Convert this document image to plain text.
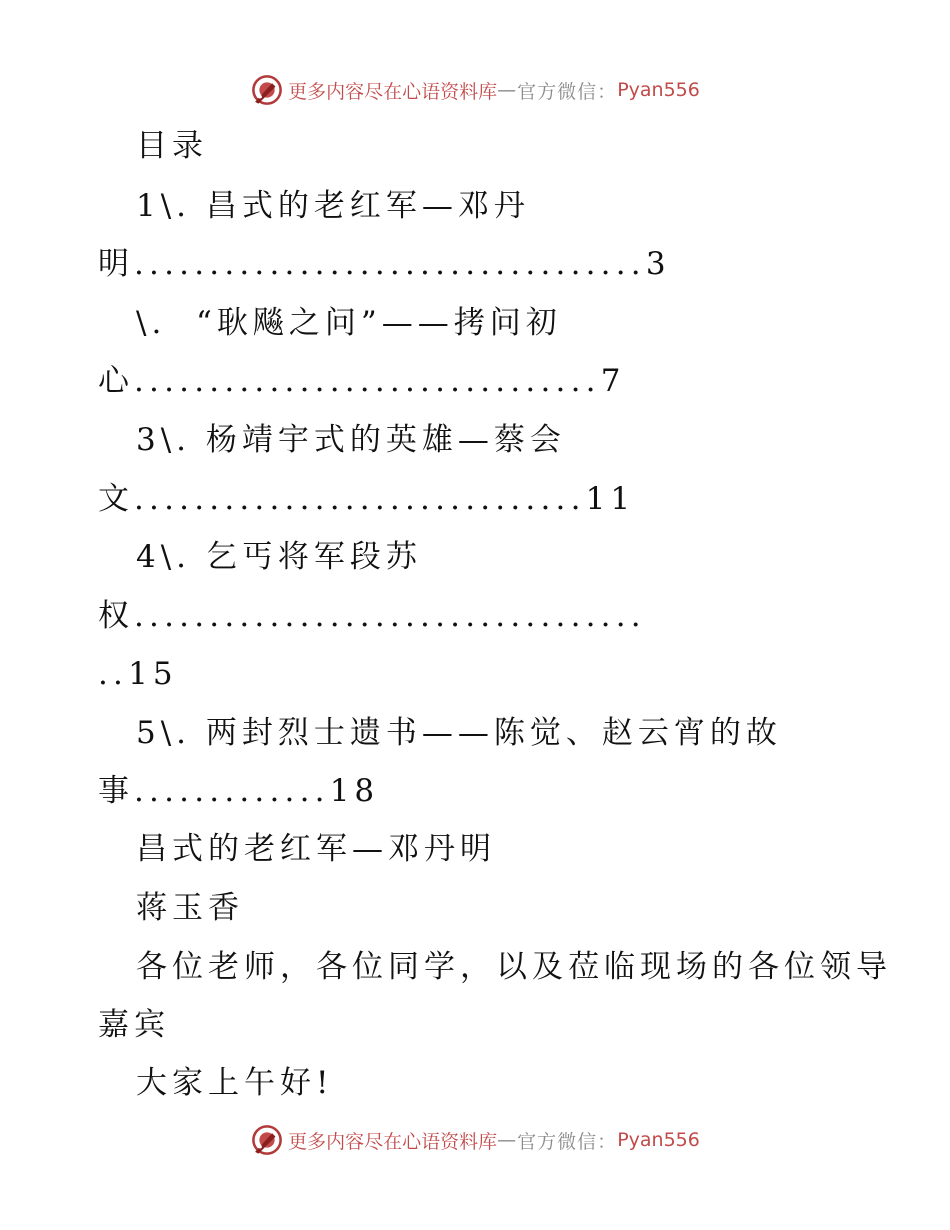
更多内容尽在心语资料库 — 官方微信： Pyan556
目录
1\. 昌式的老红军—邓丹
明..................................3
\. “耿飚之问”——拷问初
心...............................7
3\. 杨靖宇式的英雄—蔡会
文..............................11
4\. 乞丐将军段苏
权..................................
..15
5\. 两封烈士遗书——陈觉、赵云宵的故
事.............18
昌式的老红军—邓丹明
蒋玉香
各位老师，各位同学，以及莅临现场的各位领导
嘉宾
大家上午好!
更多内容尽在心语资料库 — 官方微信： Pyan556
